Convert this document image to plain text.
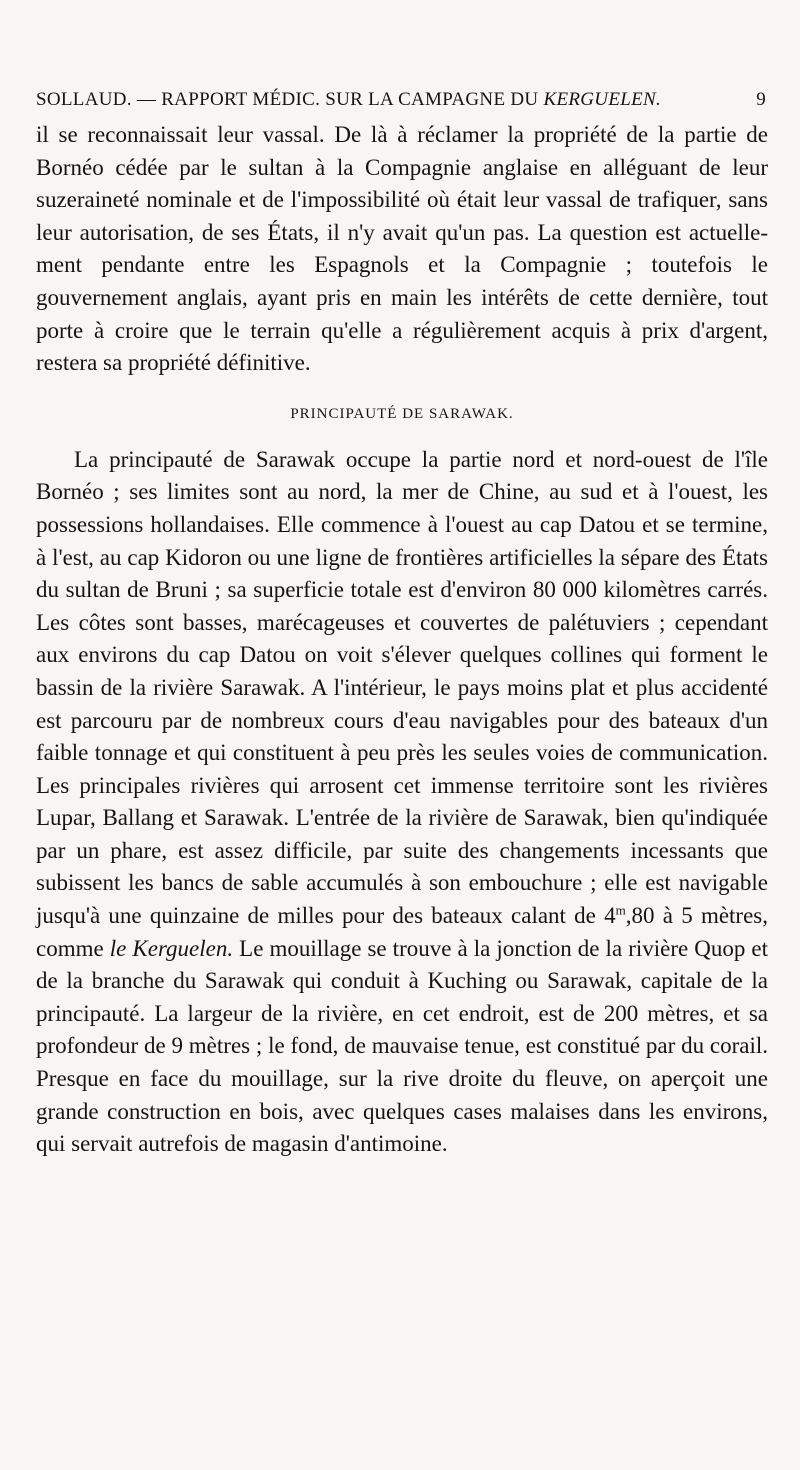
SOLLAUD. — RAPPORT MÉDIC. SUR LA CAMPAGNE DU KERGUELEN.	9

il se reconnaissait leur vassal. De là à réclamer la propriété de la partie de Bornéo cédée par le sultan à la Compagnie anglaise en alléguant de leur suzeraineté nominale et de l'impossibilité où était leur vassal de trafiquer, sans leur autorisation, de ses États, il n'y avait qu'un pas. La question est actuellement pendante entre les Espagnols et la Compagnie ; toutefois le gouvernement anglais, ayant pris en main les intérêts de cette dernière, tout porte à croire que le terrain qu'elle a régulièrement acquis à prix d'argent, restera sa propriété définitive.

PRINCIPAUTÉ DE SARAWAK.

La principauté de Sarawak occupe la partie nord et nord-ouest de l'île Bornéo ; ses limites sont au nord, la mer de Chine, au sud et à l'ouest, les possessions hollandaises. Elle commence à l'ouest au cap Datou et se termine, à l'est, au cap Kidoron ou une ligne de frontières artificielles la sépare des États du sultan de Bruni ; sa superficie totale est d'environ 80 000 kilomètres carrés. Les côtes sont basses, marécageuses et couvertes de palétuviers ; cependant aux environs du cap Datou on voit s'élever quelques collines qui forment le bassin de la rivière Sarawak. A l'intérieur, le pays moins plat et plus accidenté est parcouru par de nombreux cours d'eau navigables pour des bateaux d'un faible tonnage et qui constituent à peu près les seules voies de communication. Les principales rivières qui arrosent cet immense territoire sont les rivières Lupar, Ballang et Sarawak. L'entrée de la rivière de Sarawak, bien qu'indiquée par un phare, est assez difficile, par suite des changements incessants que subissent les bancs de sable accumulés à son embouchure ; elle est navigable jusqu'à une quinzaine de milles pour des bateaux calant de 4$^m$,80 à 5 mètres, comme le Kerguelen. Le mouillage se trouve à la jonction de la rivière Quop et de la branche du Sarawak qui conduit à Kuching ou Sarawak, capitale de la principauté. La largeur de la rivière, en cet endroit, est de 200 mètres, et sa profondeur de 9 mètres ; le fond, de mauvaise tenue, est constitué par du corail. Presque en face du mouillage, sur la rive droite du fleuve, on aperçoit une grande construction en bois, avec quelques cases malaises dans les environs, qui servait autrefois de magasin d'antimoine.
